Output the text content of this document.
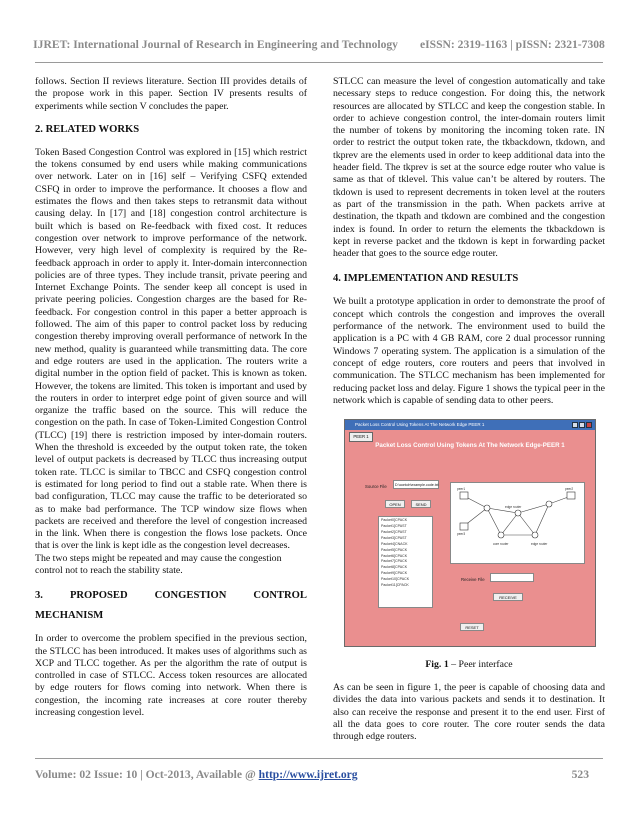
IJRET: International Journal of Research in Engineering and Technology eISSN: 2319-1163 | pISSN: 2321-7308

follows. Section II reviews literature. Section III provides details of the propose work in this paper. Section IV presents results of experiments while section V concludes the paper.

2. RELATED WORKS

Token Based Congestion Control was explored in [15] which restrict the tokens consumed by end users while making communications over network. Later on in [16] self – Verifying CSFQ extended CSFQ in order to improve the performance. It chooses a flow and estimates the flows and then takes steps to retransmit data without causing delay. In [17] and [18] congestion control architecture is built which is based on Re-feedback with fixed cost. It reduces congestion over network to improve performance of the network. However, very high level of complexity is required by the Re-feedback approach in order to apply it. Inter-domain interconnection policies are of three types. They include transit, private peering and Internet Exchange Points. The sender keep all concept is used in private peering policies. Congestion charges are the based for Re-feedback. For congestion control in this paper a better approach is followed. The aim of this paper to control packet loss by reducing congestion thereby improving overall performance of network In the new method, quality is guaranteed while transmitting data. The core and edge routers are used in the application. The routers write a digital number in the option field of packet. This is known as token. However, the tokens are limited. This token is important and used by the routers in order to interpret edge point of given source and will organize the traffic based on the source. This will reduce the congestion on the path. In case of Token-Limited Congestion Control (TLCC) [19] there is restriction imposed by inter-domain routers. When the threshold is exceeded by the output token rate, the token level of output packets is decreased by TLCC thus increasing output token rate. TLCC is similar to TBCC and CSFQ congestion control is estimated for long period to find out a stable rate. When there is bad configuration, TLCC may cause the traffic to be deteriorated so as to make bad performance. The TCP window size flows when packets are received and therefore the level of congestion increased in the link. When there is congestion the flows lose packets. Once that is over the link is kept idle as the congestion level decreases.

The two steps might be repeated and may cause the congestion control not to reach the stability state.

3.	PROPOSED	CONGESTION	CONTROL
MECHANISM

In order to overcome the problem specified in the previous section, the STLCC has been introduced. It makes uses of algorithms such as XCP and TLCC together. As per the algorithm the rate of output is controlled in case of STLCC. Access token resources are allocated by edge routers for flows coming into network. When there is congestion, the incoming rate increases at core router thereby increasing congestion level.

STLCC can measure the level of congestion automatically and take necessary steps to reduce congestion. For doing this, the network resources are allocated by STLCC and keep the congestion stable. In order to achieve congestion control, the inter-domain routers limit the number of tokens by monitoring the incoming token rate. IN order to restrict the output token rate, the tkbackdown, tkdown, and tkprev are the elements used in order to keep additional data into the header field. The tkprev is set at the source edge router who value is same as that of tklevel. This value can’t be altered by routers. The tkdown is used to represent decrements in token level at the routers as part of the transmission in the path. When packets arrive at destination, the tkpath and tkdown are combined and the congestion index is found. In order to return the elements the tkbackdown is kept in reverse packet and the tkdown is kept in forwarding packet header that goes to the source edge router.

4. IMPLEMENTATION AND RESULTS

We built a prototype application in order to demonstrate the proof of concept which controls the congestion and improves the overall performance of the network. The environment used to build the application is a PC with 4 GB RAM, core 2 dual processor running Windows 7 operating system. The application is a simulation of the concept of edge routers, core routers and peers that involved in communication. The STLCC mechanism has been implemented for reducing packet loss and delay. Figure 1 shows the typical peer in the network which is capable of sending data to other peers.

Packet Loss Control Using Tokens At The Network Edge PEER 1
PEER 1
Packet Loss Control Using Tokens At The Network Edge-PEER 1
Source File	D:\contoh\example.code.txt
OPEN	SEND
Packet0[CPACK
Packet1[CPAST
Packet2[CPAST
Packet3[CPAST
Packet4[CNACK
Packet5[CPACK
Packet6[CPACK
Packet7[CPACK
Packet8[CPACK
Packet9[CPACK
Packet10[CPACK
Packet11[CPACK
peer1
edge router
peer2
core router	edge router
peer3
Receive File
RECEIVE
RESET
Fig. 1 – Peer interface

As can be seen in figure 1, the peer is capable of choosing data and divides the data into various packets and sends it to destination. It also can receive the response and present it to the end user. First of all the data goes to core router. The core router sends the data through edge routers.

Volume: 02 Issue: 10 | Oct-2013, Available @ http://www.ijret.org	523
